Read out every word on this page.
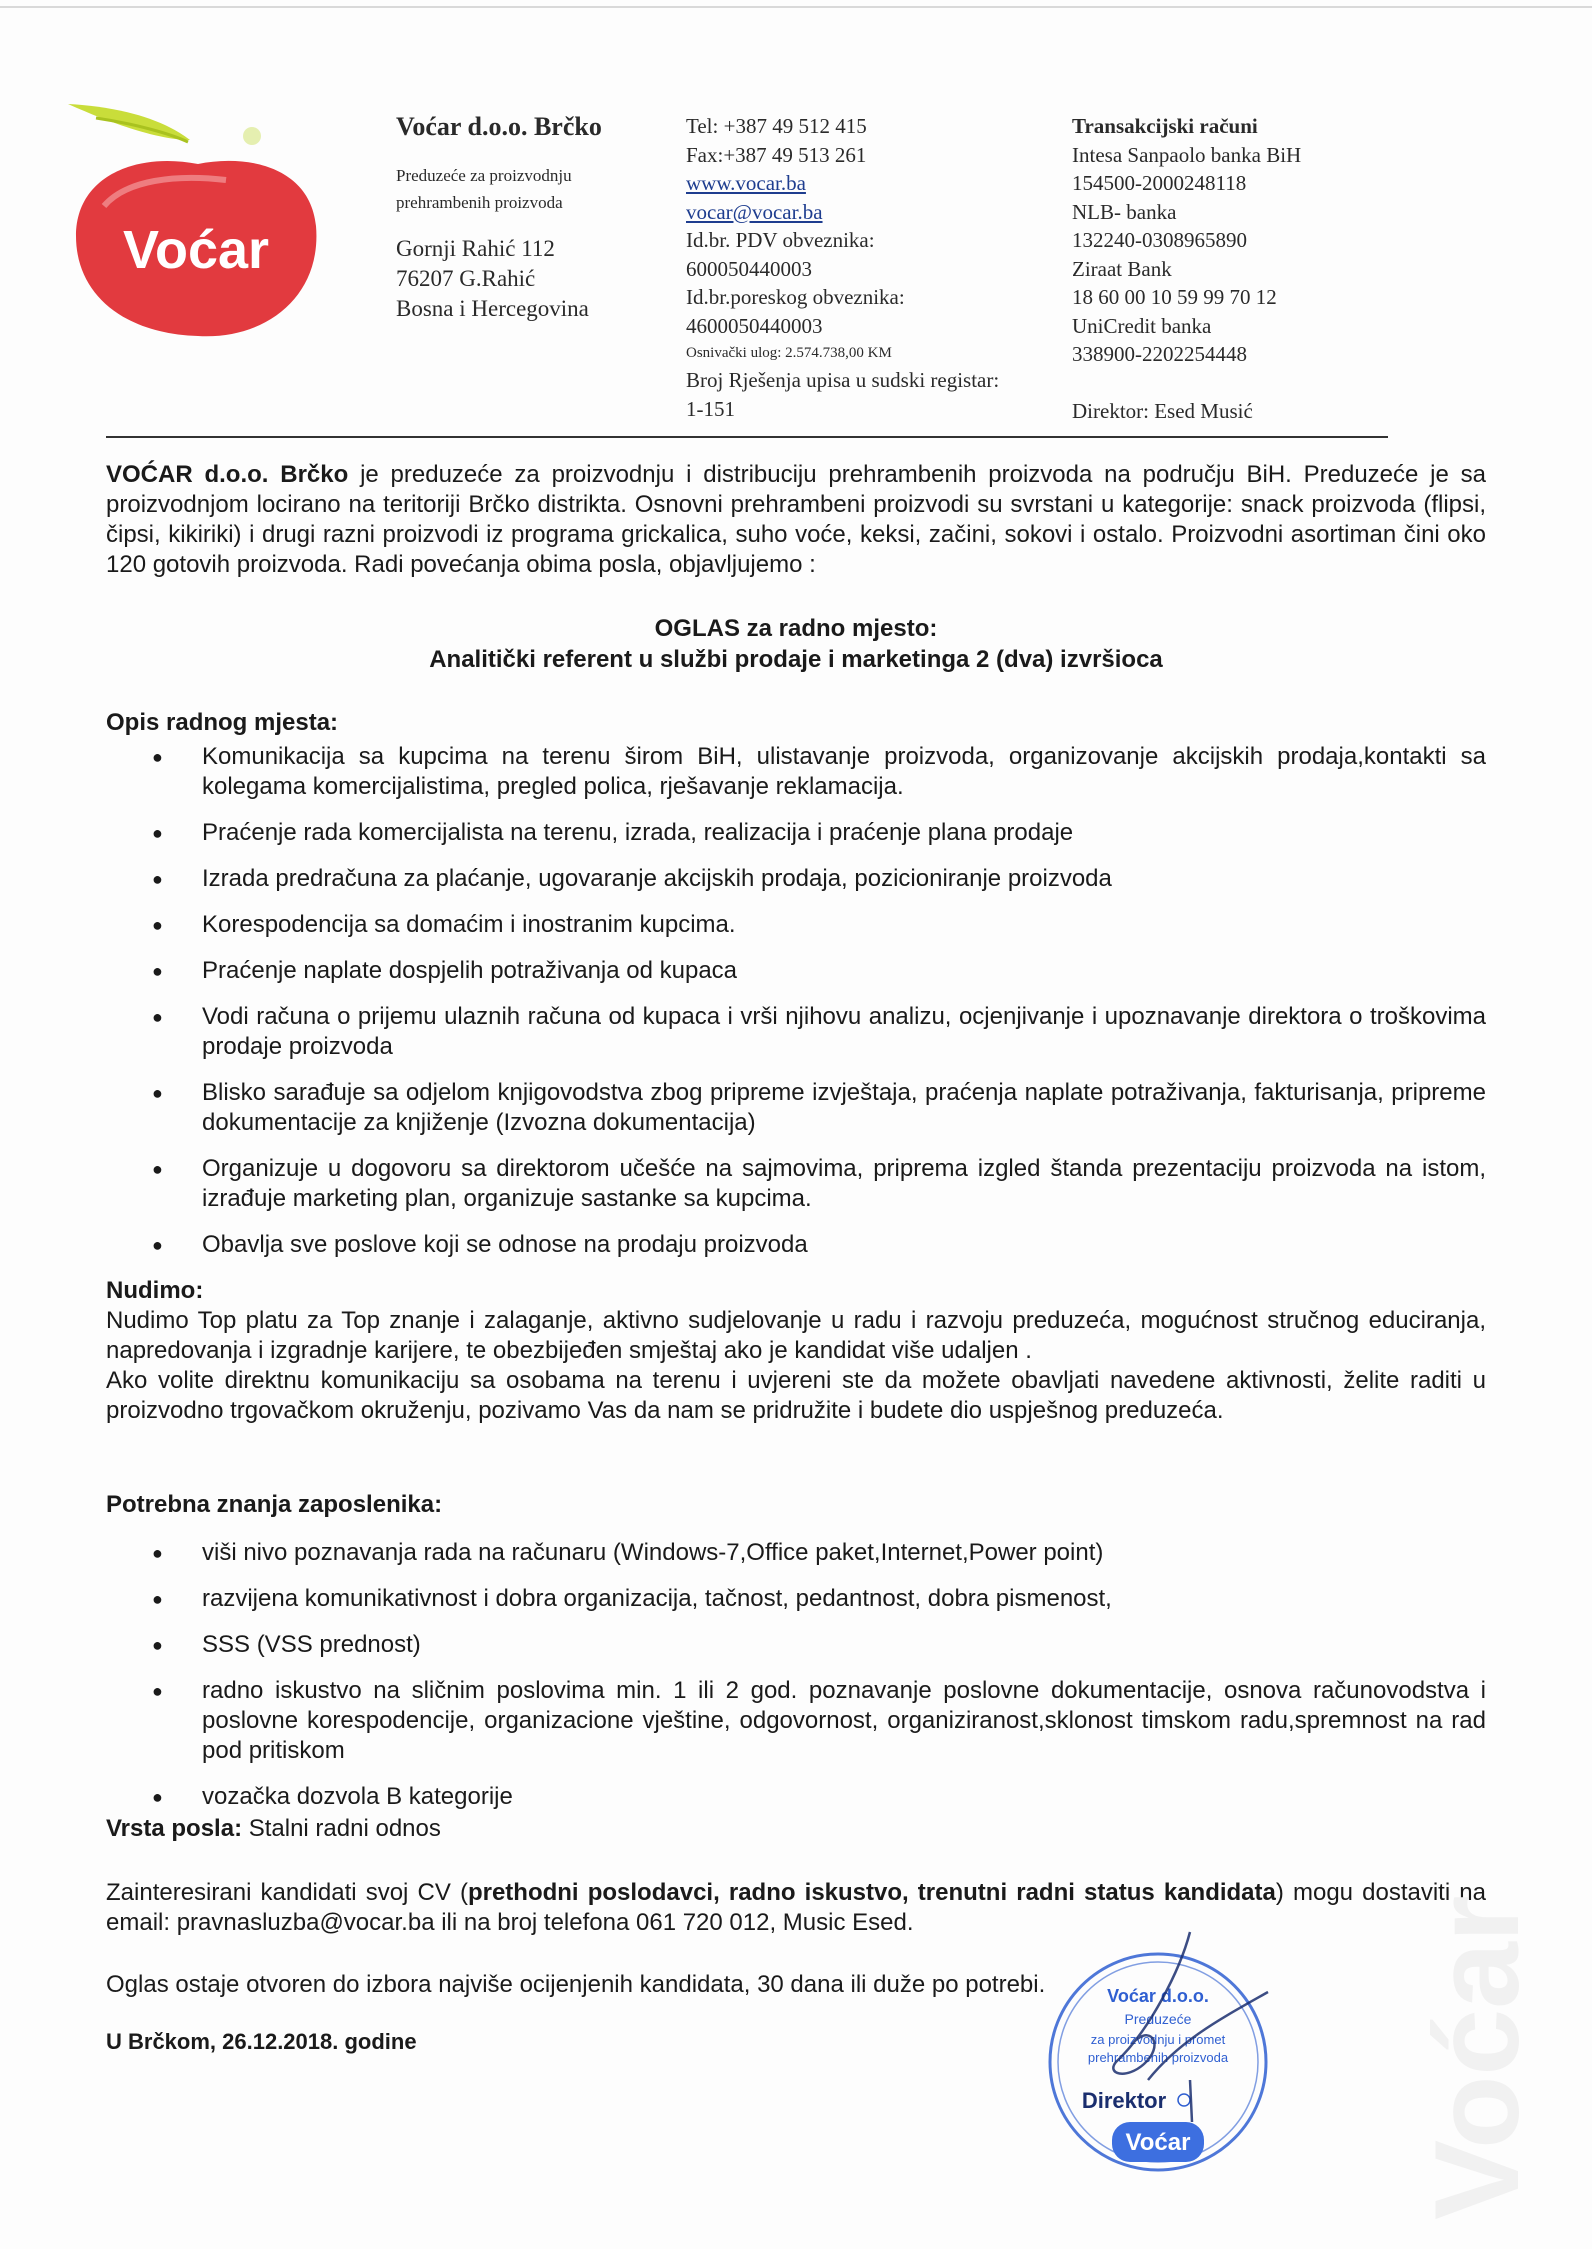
Voćar
Voćar d.o.o. Brčko
Preduzeće za proizvodnju
prehrambenih proizvoda
Gornji Rahić 112
76207 G.Rahić
Bosna i Hercegovina
Tel: +387 49 512 415
Fax:+387 49 513 261
www.vocar.ba
vocar@vocar.ba
Id.br. PDV obveznika:
600050440003
Id.br.poreskog obveznika:
4600050440003
Osnivački ulog: 2.574.738,00 KM
Broj Rješenja upisa u sudski registar:
1-151
Transakcijski računi
Intesa Sanpaolo banka BiH
154500-2000248118
NLB- banka
132240-0308965890
Ziraat Bank
18 60 00 10 59 99 70 12
UniCredit banka
338900-2202254448
Direktor: Esed Musić
VOĆAR d.o.o. Brčko je preduzeće za proizvodnju i distribuciju prehrambenih proizvoda na području BiH. Preduzeće je sa proizvodnjom locirano na teritoriji Brčko distrikta. Osnovni prehrambeni proizvodi su svrstani u kategorije: snack proizvoda (flipsi, čipsi, kikiriki) i drugi razni proizvodi iz programa grickalica, suho voće, keksi, začini, sokovi i ostalo. Proizvodni asortiman čini oko 120 gotovih proizvoda. Radi povećanja obima posla, objavljujemo :
OGLAS za radno mjesto:
Analitički referent u službi prodaje i marketinga 2 (dva) izvršioca
Opis radnog mjesta:
● Komunikacija sa kupcima na terenu širom BiH, ulistavanje proizvoda, organizovanje akcijskih prodaja,kontakti sa kolegama komercijalistima, pregled polica, rješavanje reklamacija.
● Praćenje rada komercijalista na terenu, izrada, realizacija i praćenje plana prodaje
● Izrada predračuna za plaćanje, ugovaranje akcijskih prodaja, pozicioniranje proizvoda
● Korespodencija sa domaćim i inostranim kupcima.
● Praćenje naplate dospjelih potraživanja od kupaca
● Vodi računa o prijemu ulaznih računa od kupaca i vrši njihovu analizu, ocjenjivanje i upoznavanje direktora o troškovima prodaje proizvoda
● Blisko sarađuje sa odjelom knjigovodstva zbog pripreme izvještaja, praćenja naplate potraživanja, fakturisanja, pripreme dokumentacije za knjiženje (Izvozna dokumentacija)
● Organizuje u dogovoru sa direktorom učešće na sajmovima, priprema izgled štanda prezentaciju proizvoda na istom, izrađuje marketing plan, organizuje sastanke sa kupcima.
● Obavlja sve poslove koji se odnose na prodaju proizvoda
Nudimo:
Nudimo Top platu za Top znanje i zalaganje, aktivno sudjelovanje u radu i razvoju preduzeća, mogućnost stručnog educiranja, napredovanja i izgradnje karijere, te obezbijeđen smještaj ako je kandidat više udaljen .
Ako volite direktnu komunikaciju sa osobama na terenu i uvjereni ste da možete obavljati navedene aktivnosti, želite raditi u proizvodno trgovačkom okruženju, pozivamo Vas da nam se pridružite i budete dio uspješnog preduzeća.
Potrebna znanja zaposlenika:
● viši nivo poznavanja rada na računaru (Windows-7,Office paket,Internet,Power point)
● razvijena komunikativnost i dobra organizacija, tačnost, pedantnost, dobra pismenost,
● SSS (VSS prednost)
● radno iskustvo na sličnim poslovima min. 1 ili 2 god. poznavanje poslovne dokumentacije, osnova računovodstva i poslovne korespodencije, organizacione vještine, odgovornost, organiziranost,sklonost timskom radu,spremnost na rad pod pritiskom
● vozačka dozvola B kategorije
Vrsta posla: Stalni radni odnos
Zainteresirani kandidati svoj CV (prethodni poslodavci, radno iskustvo, trenutni radni status kandidata) mogu dostaviti na email: pravnasluzba@vocar.ba ili na broj telefona 061 720 012, Music Esed.
Oglas ostaje otvoren do izbora najviše ocijenjenih kandidata, 30 dana ili duže po potrebi.
U Brčkom, 26.12.2018. godine	Voćar
Voćar d.o.o.
Preduzeće
za proizvodnju i promet
prehrambenih proizvoda
Direktor
Voćar
